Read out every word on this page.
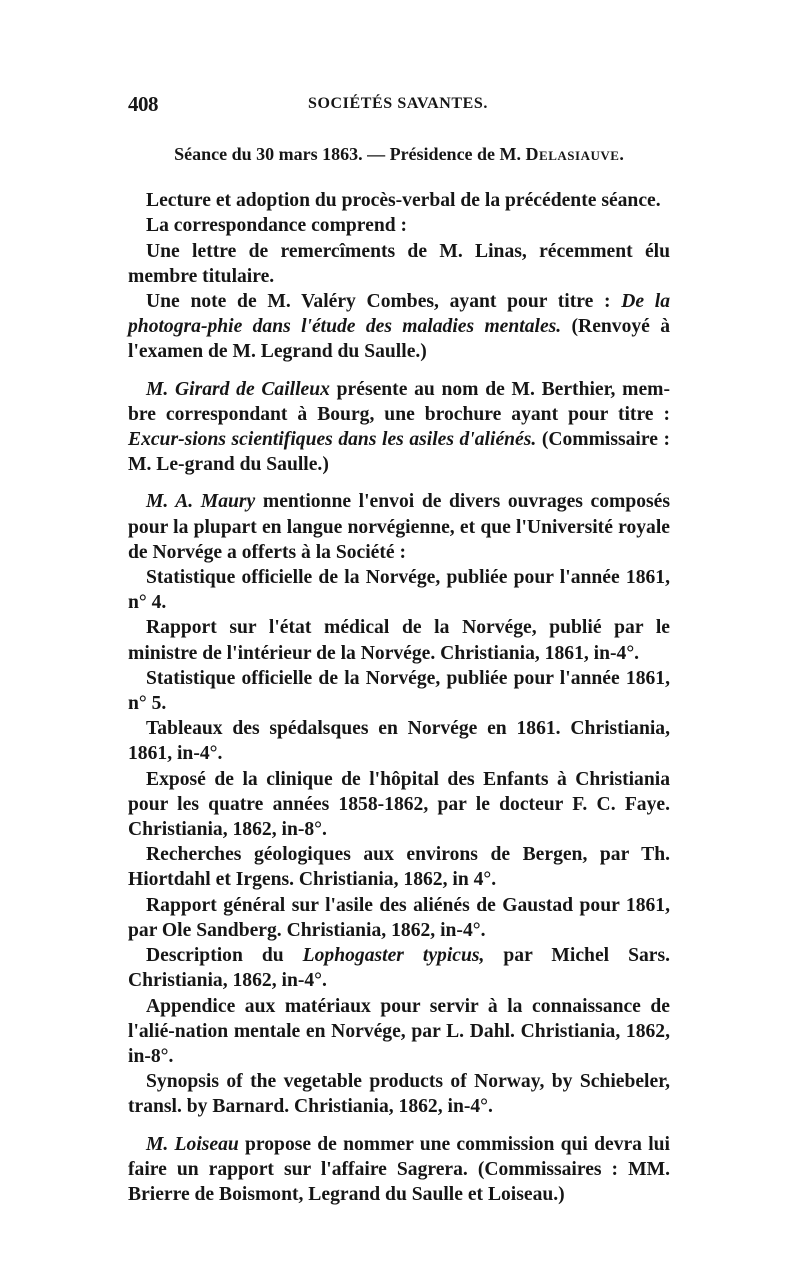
408	SOCIÉTÉS SAVANTES.

Séance du 30 mars 1863. — Présidence de M. Delasiauve.

Lecture et adoption du procès-verbal de la précédente séance.

La correspondance comprend :

Une lettre de remercîments de M. Linas, récemment élu membre titulaire.

Une note de M. Valéry Combes, ayant pour titre : De la photogra-phie dans l'étude des maladies mentales. (Renvoyé à l'examen de M. Legrand du Saulle.)

M. Girard de Cailleux présente au nom de M. Berthier, mem-bre correspondant à Bourg, une brochure ayant pour titre : Excur-sions scientifiques dans les asiles d'aliénés. (Commissaire : M. Le-grand du Saulle.)

M. A. Maury mentionne l'envoi de divers ouvrages composés pour la plupart en langue norvégienne, et que l'Université royale de Norvége a offerts à la Société :

Statistique officielle de la Norvége, publiée pour l'année 1861, n° 4.

Rapport sur l'état médical de la Norvége, publié par le ministre de l'intérieur de la Norvége. Christiania, 1861, in-4°.

Statistique officielle de la Norvége, publiée pour l'année 1861, n° 5.

Tableaux des spédalsques en Norvége en 1861. Christiania, 1861, in-4°.

Exposé de la clinique de l'hôpital des Enfants à Christiania pour les quatre années 1858-1862, par le docteur F. C. Faye. Christiania, 1862, in-8°.

Recherches géologiques aux environs de Bergen, par Th. Hiortdahl et Irgens. Christiania, 1862, in 4°.

Rapport général sur l'asile des aliénés de Gaustad pour 1861, par Ole Sandberg. Christiania, 1862, in-4°.

Description du Lophogaster typicus, par Michel Sars. Christiania, 1862, in-4°.

Appendice aux matériaux pour servir à la connaissance de l'alié-nation mentale en Norvége, par L. Dahl. Christiania, 1862, in-8°.

Synopsis of the vegetable products of Norway, by Schiebeler, transl. by Barnard. Christiania, 1862, in-4°.

M. Loiseau propose de nommer une commission qui devra lui faire un rapport sur l'affaire Sagrera. (Commissaires : MM. Brierre de Boismont, Legrand du Saulle et Loiseau.)
